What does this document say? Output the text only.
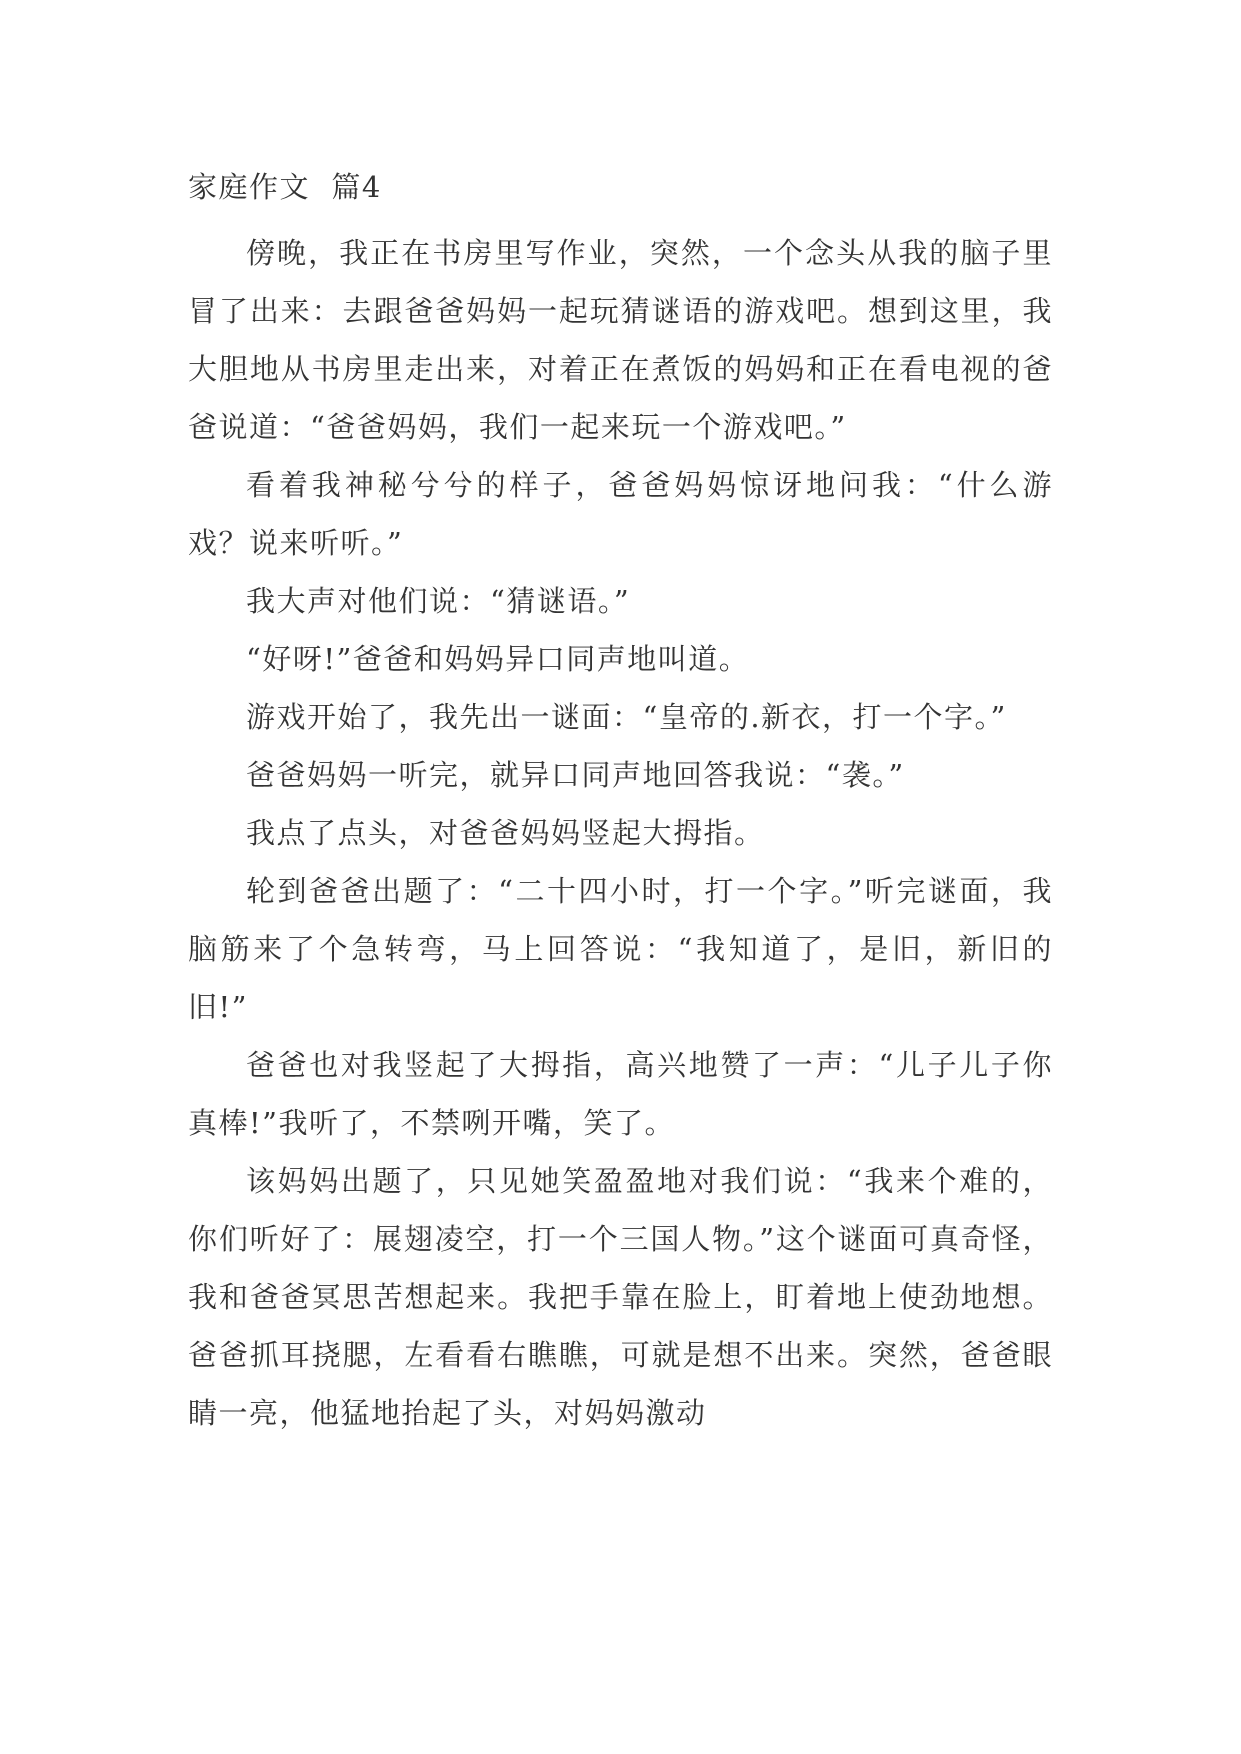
家庭作文  篇4

傍晚，我正在书房里写作业，突然，一个念头从我的脑子里冒了出来：去跟爸爸妈妈一起玩猜谜语的游戏吧。想到这里，我大胆地从书房里走出来，对着正在煮饭的妈妈和正在看电视的爸爸说道：“爸爸妈妈，我们一起来玩一个游戏吧。”

看着我神秘兮兮的样子，爸爸妈妈惊讶地问我：“什么游戏？说来听听。”

我大声对他们说：“猜谜语。”

“好呀!”爸爸和妈妈异口同声地叫道。

游戏开始了，我先出一谜面：“皇帝的.新衣，打一个字。”

爸爸妈妈一听完，就异口同声地回答我说：“袭。”

我点了点头，对爸爸妈妈竖起大拇指。

轮到爸爸出题了：“二十四小时，打一个字。”听完谜面，我脑筋来了个急转弯，马上回答说：“我知道了，是旧，新旧的旧!”

爸爸也对我竖起了大拇指，高兴地赞了一声：“儿子儿子你真棒!”我听了，不禁咧开嘴，笑了。

该妈妈出题了，只见她笑盈盈地对我们说：“我来个难的，你们听好了：展翅凌空，打一个三国人物。”这个谜面可真奇怪，我和爸爸冥思苦想起来。我把手靠在脸上，盯着地上使劲地想。爸爸抓耳挠腮，左看看右瞧瞧，可就是想不出来。突然，爸爸眼睛一亮，他猛地抬起了头，对妈妈激动
